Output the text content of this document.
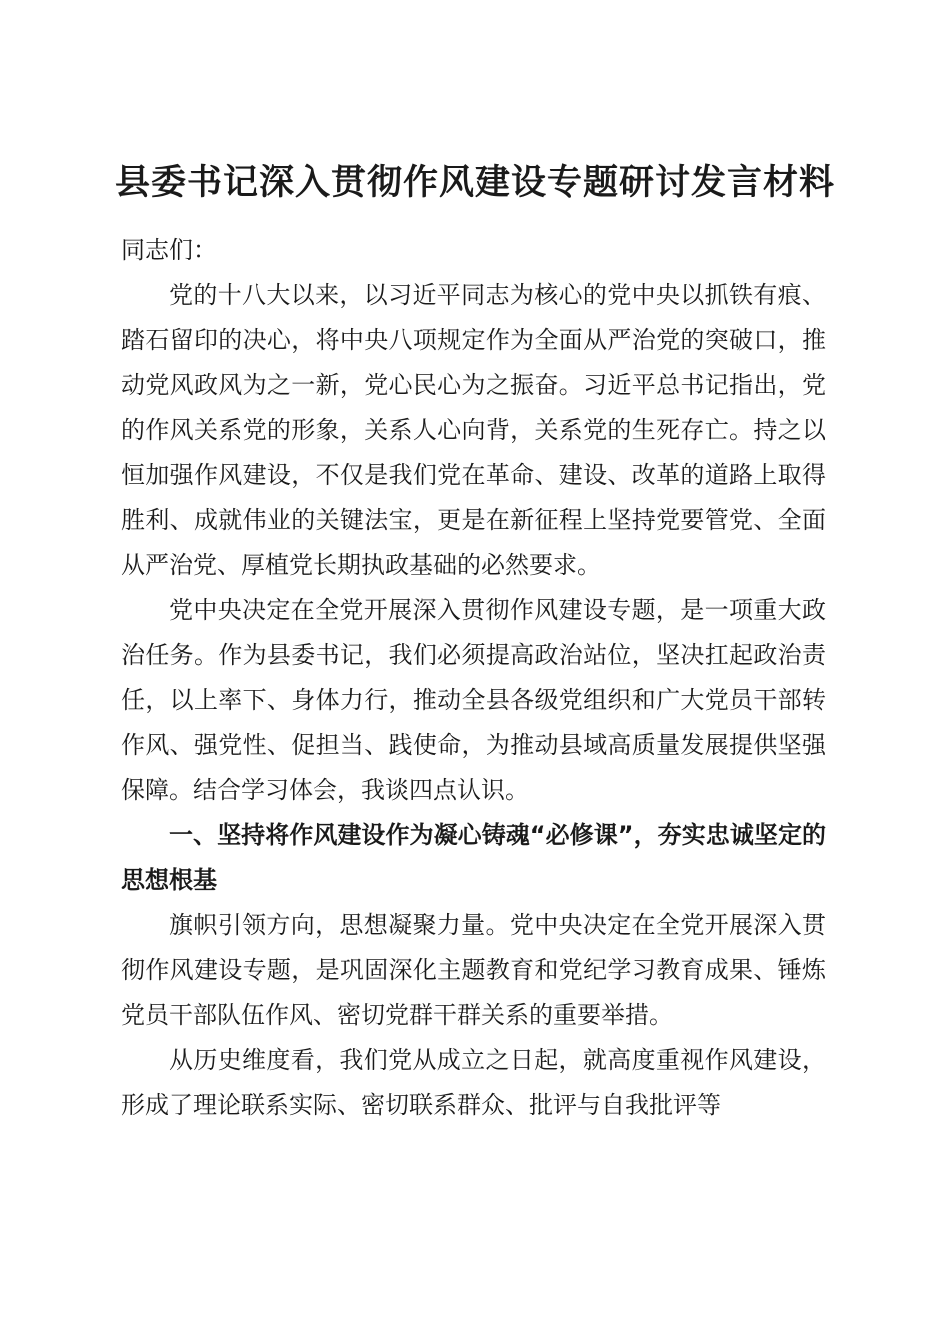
县委书记深入贯彻作风建设专题研讨发言材料

同志们：

党的十八大以来，以习近平同志为核心的党中央以抓铁有痕、踏石留印的决心，将中央八项规定作为全面从严治党的突破口，推动党风政风为之一新，党心民心为之振奋。习近平总书记指出，党的作风关系党的形象，关系人心向背，关系党的生死存亡。持之以恒加强作风建设，不仅是我们党在革命、建设、改革的道路上取得胜利、成就伟业的关键法宝，更是在新征程上坚持党要管党、全面从严治党、厚植党长期执政基础的必然要求。

党中央决定在全党开展深入贯彻作风建设专题，是一项重大政治任务。作为县委书记，我们必须提高政治站位，坚决扛起政治责任，以上率下、身体力行，推动全县各级党组织和广大党员干部转作风、强党性、促担当、践使命，为推动县域高质量发展提供坚强保障。结合学习体会，我谈四点认识。

一、坚持将作风建设作为凝心铸魂“必修课”，夯实忠诚坚定的思想根基

旗帜引领方向，思想凝聚力量。党中央决定在全党开展深入贯彻作风建设专题，是巩固深化主题教育和党纪学习教育成果、锤炼党员干部队伍作风、密切党群干群关系的重要举措。

从历史维度看，我们党从成立之日起，就高度重视作风建设，形成了理论联系实际、密切联系群众、批评与自我批评等
